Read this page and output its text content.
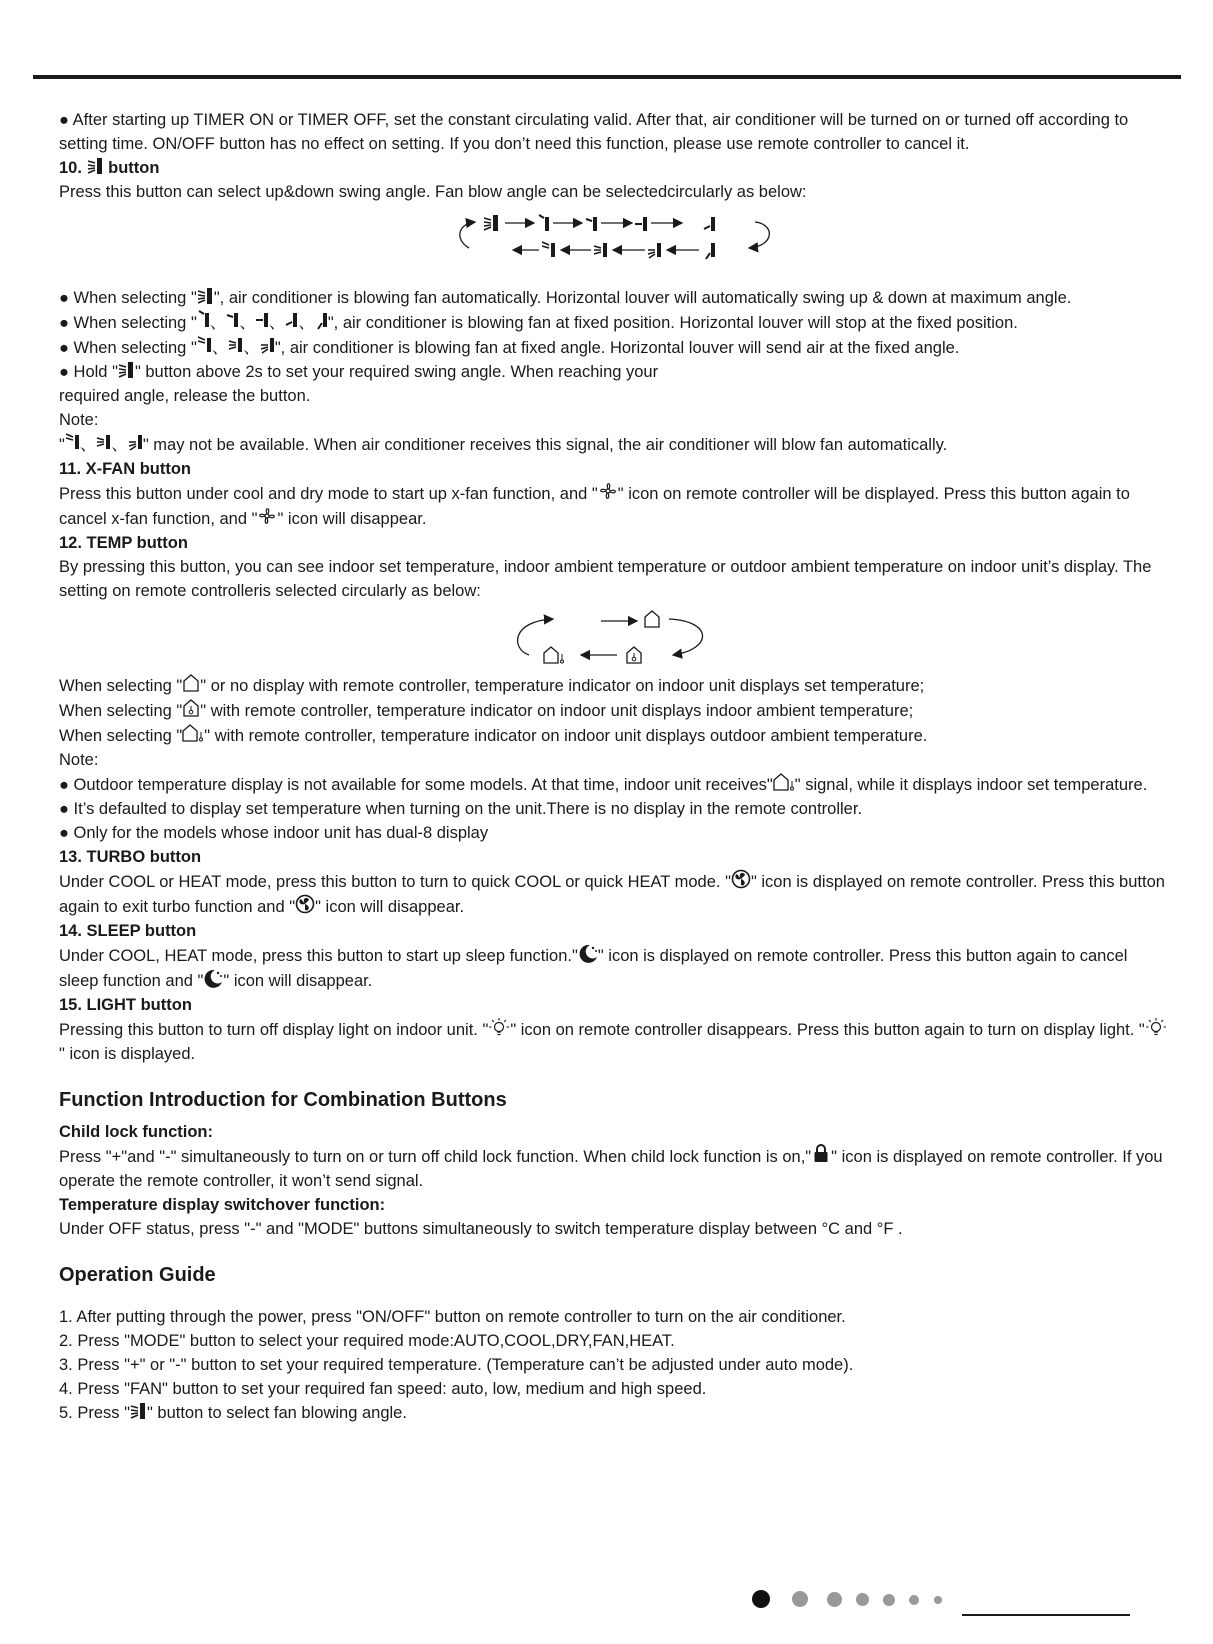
● After starting up TIMER ON or TIMER OFF, set the constant circulating valid. After that, air conditioner will be turned on or turned off according to setting time. ON/OFF button has no effect on setting. If you don’t need this function, please use remote controller to cancel it.

10. button

Press this button can select up&down swing angle. Fan blow angle can be selectedcircularly as below:

● When selecting " ", air conditioner is blowing fan automatically. Horizontal louver will automatically swing up & down at maximum angle.

● When selecting " 、 、 、 、 ", air conditioner is blowing fan at fixed position. Horizontal louver will stop at the fixed position.

● When selecting " 、 、 ", air conditioner is blowing fan at fixed angle. Horizontal louver will send air at the fixed angle.

● Hold " " button above 2s to set your required swing angle. When reaching your

required angle, release the button.

Note:

" 、 、 " may not be available. When air conditioner receives this signal, the air conditioner will blow fan automatically.

11. X-FAN button

Press this button under cool and dry mode to start up x-fan function, and " " icon on remote controller will be displayed. Press this button again to cancel x-fan function, and " " icon will disappear.

12. TEMP button

By pressing this button, you can see indoor set temperature, indoor ambient temperature or outdoor ambient temperature on indoor unit’s display. The setting on remote controlleris selected circularly as below:

When selecting " " or no display with remote controller, temperature indicator on indoor unit displays set temperature;

When selecting " " with remote controller, temperature indicator on indoor unit displays indoor ambient temperature;

When selecting " " with remote controller, temperature indicator on indoor unit displays outdoor ambient temperature.

Note:

● Outdoor temperature display is not available for some models. At that time, indoor unit receives" " signal, while it displays indoor set temperature.

● It’s defaulted to display set temperature when turning on the unit.There is no display in the remote controller.

● Only for the models whose indoor unit has dual-8 display

13. TURBO button

Under COOL or HEAT mode, press this button to turn to quick COOL or quick HEAT mode. " " icon is displayed on remote controller. Press this button again to exit turbo function and " " icon will disappear.

14. SLEEP button

Under COOL, HEAT mode, press this button to start up sleep function." " icon is displayed on remote controller. Press this button again to cancel sleep function and " " icon will disappear.

15. LIGHT button

Pressing this button to turn off display light on indoor unit. " " icon on remote controller disappears. Press this button again to turn on display light. "" icon is displayed.

Function Introduction for Combination Buttons

Child lock function:

Press "+"and "-" simultaneously to turn on or turn off child lock function. When child lock function is on," " icon is displayed on remote controller. If you operate the remote controller, it won’t send signal.

Temperature display switchover function:

Under OFF status, press "-" and "MODE" buttons simultaneously to switch temperature display between °C and °F .

Operation Guide

1. After putting through the power, press "ON/OFF" button on remote controller to turn on the air conditioner.

2. Press "MODE" button to select your required mode:AUTO,COOL,DRY,FAN,HEAT.

3. Press "+" or "-" button to set your required temperature. (Temperature can’t be adjusted under auto mode).

4. Press "FAN" button to set your required fan speed: auto, low, medium and high speed.

5. Press " " button to select fan blowing angle.
